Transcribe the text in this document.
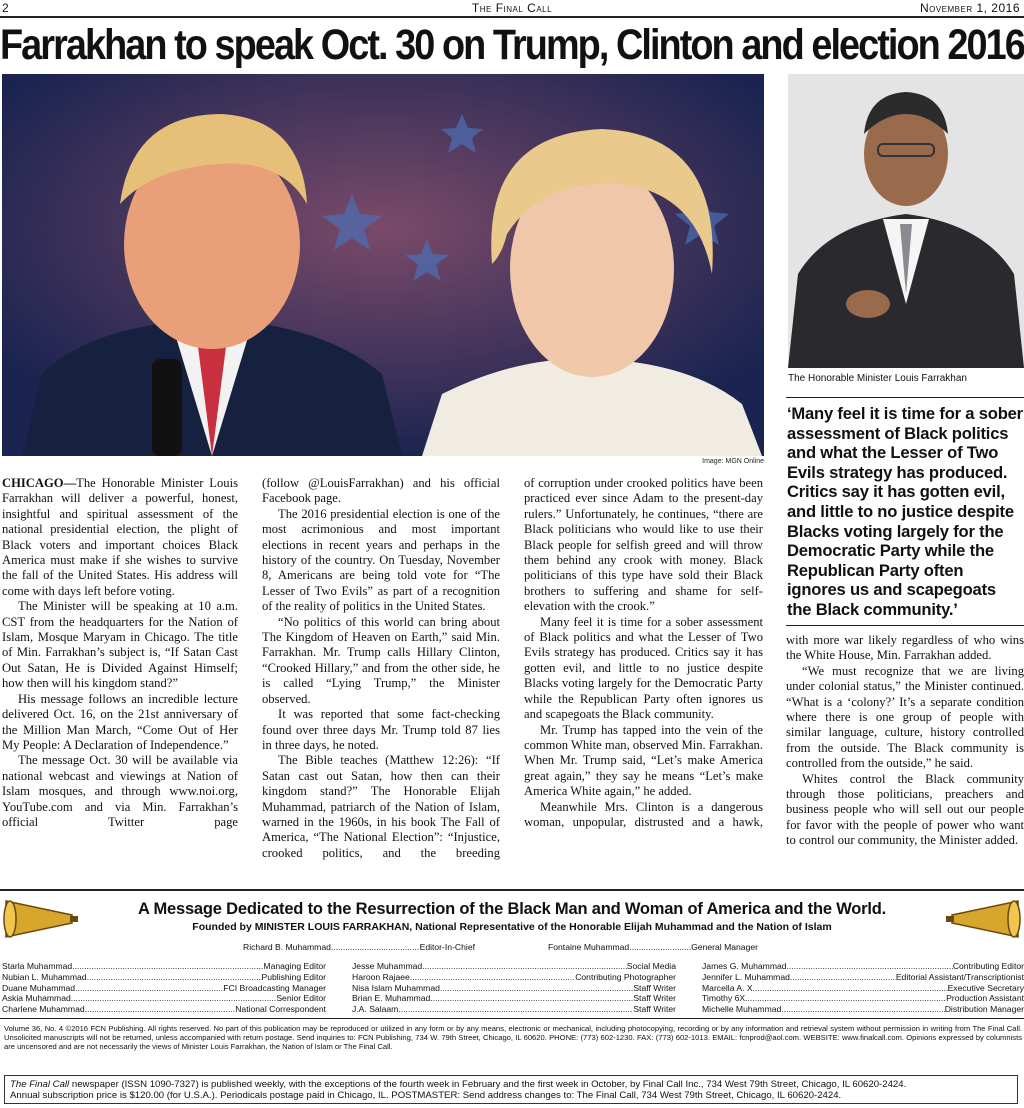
2	The Final Call	November 1, 2016
Farrakhan to speak Oct. 30 on Trump, Clinton and election 2016
Image: MGN Online
The Honorable Minister Louis Farrakhan
‘Many feel it is time for a sober assessment of Black politics and what the Lesser of Two Evils strategy has produced. Critics say it has gotten evil, and little to no justice despite Blacks voting largely for the Democratic Party while the Republican Party often ignores us and scapegoats the Black community.’

CHICAGO—The Honorable Minister Louis Farrakhan will deliver a powerful, honest, insightful and spiritual assessment of the national presidential election, the plight of Black voters and important choices Black America must make if she wishes to survive the fall of the United States. His address will come with days left before voting.

The Minister will be speaking at 10 a.m. CST from the headquarters for the Nation of Islam, Mosque Maryam in Chicago. The title of Min. Farrakhan’s subject is, “If Satan Cast Out Satan, He is Divided Against Himself; how then will his kingdom stand?”

His message follows an incredible lecture delivered Oct. 16, on the 21st anniversary of the Million Man March, “Come Out of Her My People: A Declaration of Independence.”

The message Oct. 30 will be available via national webcast and viewings at Nation of Islam mosques, and through www.noi.org, YouTube.com and via Min. Farrakhan’s official Twitter page

(follow @LouisFarrakhan) and his official Facebook page.

The 2016 presidential election is one of the most acrimonious and most important elections in recent years and perhaps in the history of the country. On Tuesday, November 8, Americans are being told vote for “The Lesser of Two Evils” as part of a recognition of the reality of politics in the United States.

“No politics of this world can bring about The Kingdom of Heaven on Earth,” said Min. Farrakhan. Mr. Trump calls Hillary Clinton, “Crooked Hillary,” and from the other side, he is called “Lying Trump,” the Minister observed.

It was reported that some fact-checking found over three days Mr. Trump told 87 lies in three days, he noted.

The Bible teaches (Matthew 12:26): “If Satan cast out Satan, how then can their kingdom stand?” The Honorable Elijah Muhammad, patriarch of the Nation of Islam, warned in the 1960s, in his book The Fall of America, “The National Election”: “Injustice, crooked politics, and the breeding

of corruption under crooked politics have been practiced ever since Adam to the present-day rulers.” Unfortunately, he continues, “there are Black politicians who would like to use their Black people for selfish greed and will throw them behind any crook with money. Black politicians of this type have sold their Black brothers to suffering and shame for self-elevation with the crook.”

Many feel it is time for a sober assessment of Black politics and what the Lesser of Two Evils strategy has produced. Critics say it has gotten evil, and little to no justice despite Blacks voting largely for the Democratic Party while the Republican Party often ignores us and scapegoats the Black community.

Mr. Trump has tapped into the vein of the common White man, observed Min. Farrakhan. When Mr. Trump said, “Let’s make America great again,” they say he means “Let’s make America White again,” he added.

Meanwhile Mrs. Clinton is a dangerous woman, unpopular, distrusted and a hawk,

with more war likely regardless of who wins the White House, Min. Farrakhan added.

“We must recognize that we are living under colonial status,” the Minister continued. “What is a ‘colony?’ It’s a separate condition where there is one group of people with similar language, culture, history controlled from the outside. The Black community is controlled from the outside,” he said.

Whites control the Black community through those politicians, preachers and business people who will sell out our people for favor with the people of power who want to control our community, the Minister added.

A Message Dedicated to the Resurrection of the Black Man and Woman of America and the World.
Founded by MINISTER LOUIS FARRAKHAN, National Representative of the Honorable Elijah Muhammad and the Nation of Islam
Richard B. Muhammad .....	Editor-In-Chief	Fontaine Muhammad .....	General Manager
Starla Muhammad .....	Managing Editor
Nubian L. Muhammad .....	Publishing Editor
Duane Muhammad .....	FCI Broadcasting Manager
Askia Muhammad .....	Senior Editor
Charlene Muhammad .....	National Correspondent
Jesse Muhammad .....	Social Media
Haroon Rajaee .....	Contributing Photographer
Nisa Islam Muhammad .....	Staff Writer
Brian E. Muhammad .....	Staff Writer
J.A. Salaam .....	Staff Writer
James G. Muhammad .....	Contributing Editor
Jennifer L. Muhammad .....	Editorial Assistant/Transcriptionist
Marcella A. X .....	Executive Secretary
Timothy 6X .....	Production Assistant
Michelle Muhammad .....	Distribution Manager
Volume 36, No. 4 ©2016 FCN Publishing. All rights reserved. No part of this publication may be reproduced or utilized in any form or by any means, electronic or mechanical, including photocopying, recording or by any information and retrieval system without permission in writing from The Final Call. Unsolicited manuscripts will not be returned, unless accompanied with return postage. Send inquiries to: FCN Publishing, 734 W. 79th Street, Chicago, IL 60620. PHONE: (773) 602-1230. FAX: (773) 602-1013. EMAIL: fcnprod@aol.com. WEBSITE: www.finalcall.com. Opinions expressed by columnists are uncensored and are not necessarily the views of Minister Louis Farrakhan, the Nation of Islam or The Final Call.
The Final Call newspaper (ISSN 1090-7327) is published weekly, with the exceptions of the fourth week in February and the first week in October, by Final Call Inc., 734 West 79th Street, Chicago, IL 60620-2424.
Annual subscription price is $120.00 (for U.S.A.). Periodicals postage paid in Chicago, IL. POSTMASTER: Send address changes to: The Final Call, 734 West 79th Street, Chicago, IL 60620-2424.
